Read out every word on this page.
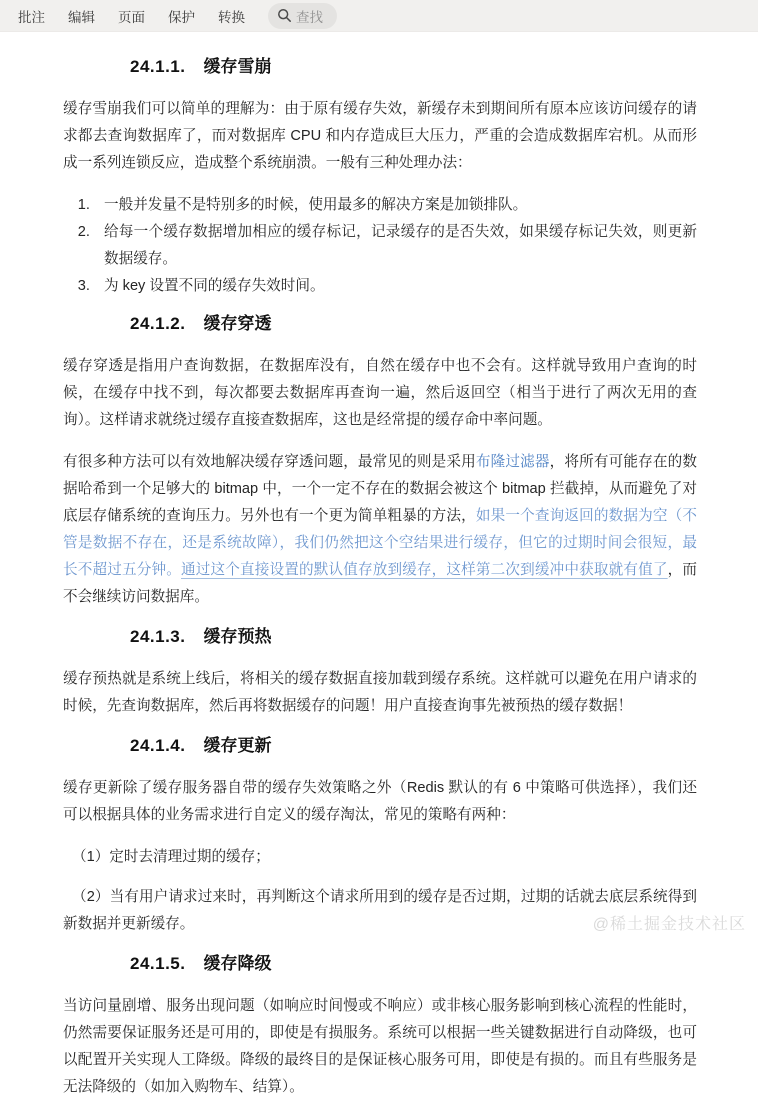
批注 编辑 页面 保护 转换	查找
24.1.1. 缓存雪崩

缓存雪崩我们可以简单的理解为：由于原有缓存失效，新缓存未到期间所有原本应该访问缓存的请求都去查询数据库了，而对数据库 CPU 和内存造成巨大压力，严重的会造成数据库宕机。从而形成一系列连锁反应，造成整个系统崩溃。一般有三种处理办法：

1. 一般并发量不是特别多的时候，使用最多的解决方案是加锁排队。
2. 给每一个缓存数据增加相应的缓存标记，记录缓存的是否失效，如果缓存标记失效，则更新数据缓存。
3. 为 key 设置不同的缓存失效时间。
24.1.2. 缓存穿透

缓存穿透是指用户查询数据，在数据库没有，自然在缓存中也不会有。这样就导致用户查询的时候，在缓存中找不到，每次都要去数据库再查询一遍，然后返回空（相当于进行了两次无用的查询）。这样请求就绕过缓存直接查数据库，这也是经常提的缓存命中率问题。

有很多种方法可以有效地解决缓存穿透问题，最常见的则是采用布隆过滤器，将所有可能存在的数据哈希到一个足够大的 bitmap 中，一个一定不存在的数据会被这个 bitmap 拦截掉，从而避免了对底层存储系统的查询压力。另外也有一个更为简单粗暴的方法，如果一个查询返回的数据为空（不管是数据不存在，还是系统故障），我们仍然把这个空结果进行缓存，但它的过期时间会很短，最长不超过五分钟。通过这个直接设置的默认值存放到缓存，这样第二次到缓冲中获取就有值了，而不会继续访问数据库。

24.1.3. 缓存预热

缓存预热就是系统上线后，将相关的缓存数据直接加载到缓存系统。这样就可以避免在用户请求的时候，先查询数据库，然后再将数据缓存的问题！用户直接查询事先被预热的缓存数据！

24.1.4. 缓存更新

缓存更新除了缓存服务器自带的缓存失效策略之外（Redis 默认的有 6 中策略可供选择），我们还可以根据具体的业务需求进行自定义的缓存淘汰，常见的策略有两种：

（1）定时去清理过期的缓存；

（2）当有用户请求过来时，再判断这个请求所用到的缓存是否过期，过期的话就去底层系统得到新数据并更新缓存。

24.1.5. 缓存降级

当访问量剧增、服务出现问题（如响应时间慢或不响应）或非核心服务影响到核心流程的性能时，仍然需要保证服务还是可用的，即使是有损服务。系统可以根据一些关键数据进行自动降级，也可以配置开关实现人工降级。降级的最终目的是保证核心服务可用，即使是有损的。而且有些服务是无法降级的（如加入购物车、结算）。

@稀土掘金技术社区
